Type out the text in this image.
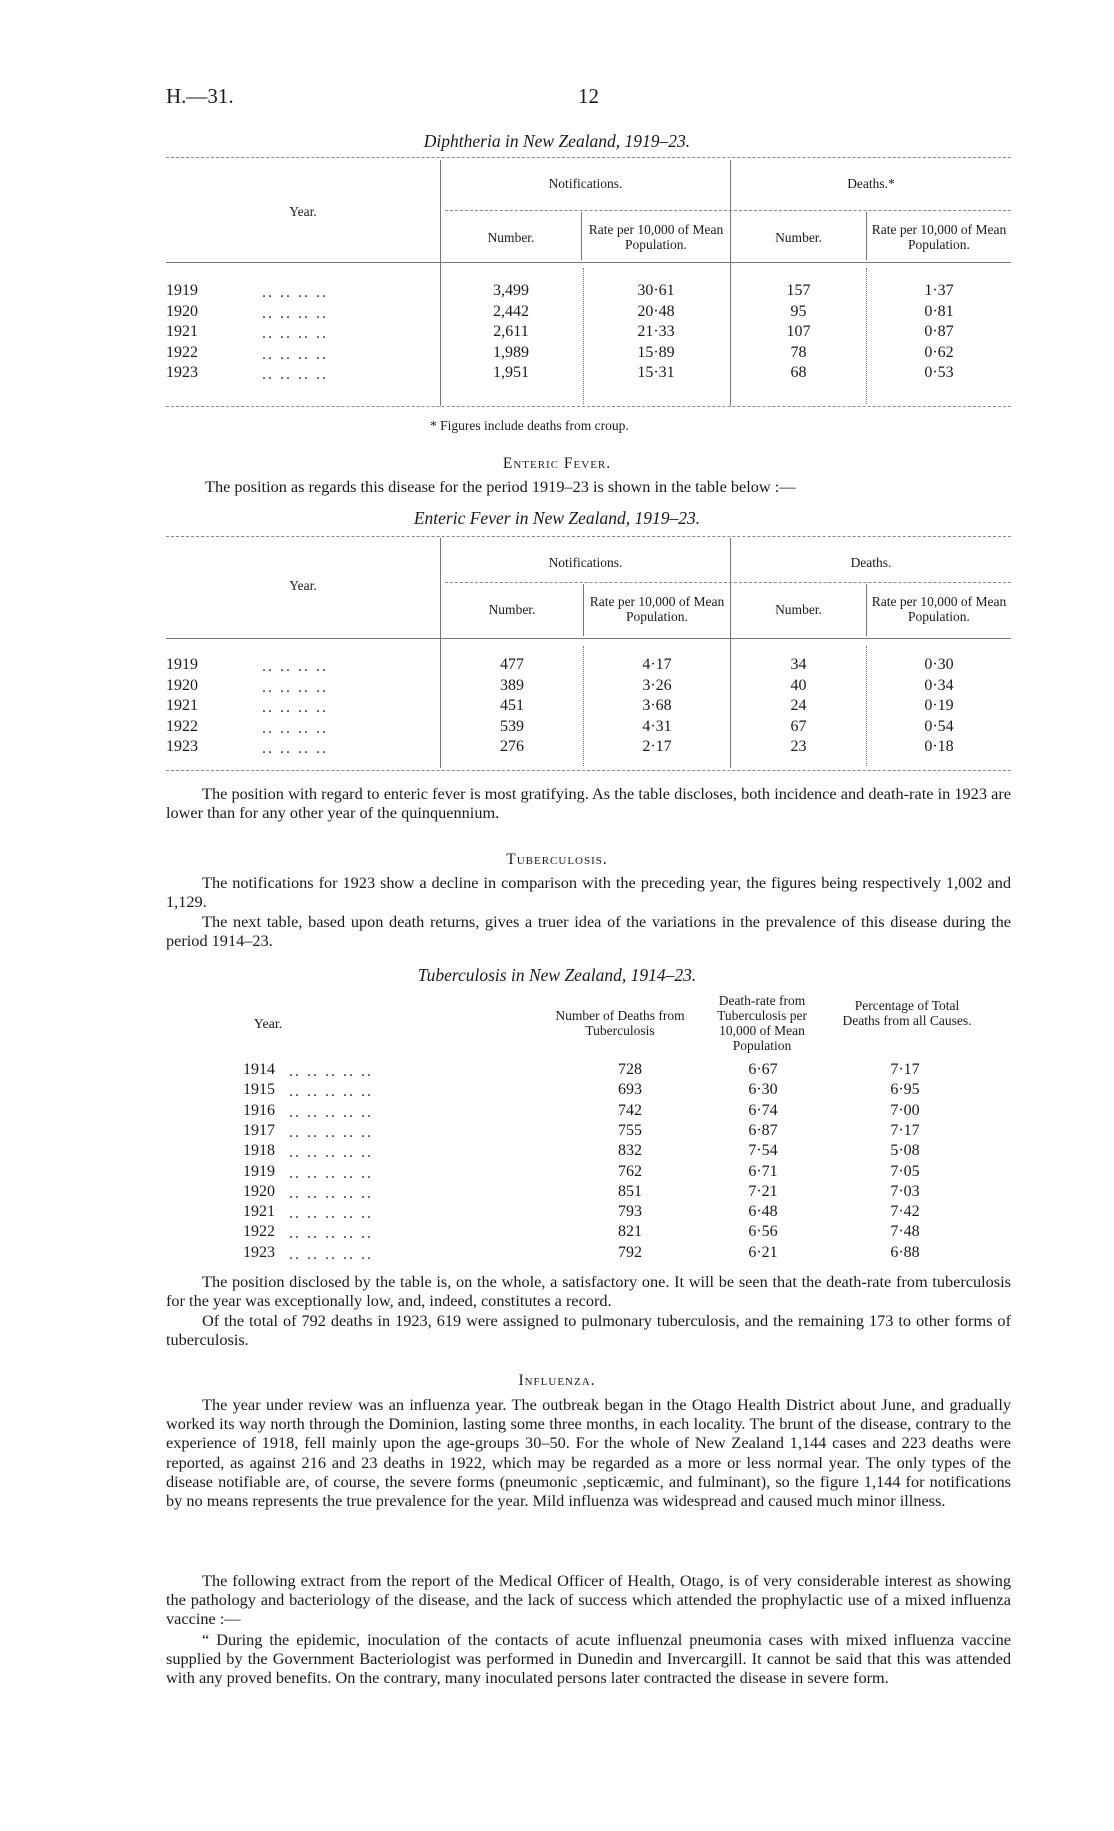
H.—31.	12
Diphtheria in New Zealand, 1919–23.
Year.
Notifications.	Deaths.*
Number.
Rate per 10,000 of Mean Population.	Number.
Rate per 10,000 of Mean Population.
1919	.. .. .. ..	3,499	30·61	157	1·37
1920	.. .. .. ..	2,442	20·48	95	0·81
1921	.. .. .. ..	2,611	21·33	107	0·87
1922	.. .. .. ..	1,989	15·89	78	0·62
1923	.. .. .. ..	1,951	15·31	68	0·53
* Figures include deaths from croup.
Enteric Fever.
The position as regards this disease for the period 1919–23 is shown in the table below :—
Enteric Fever in New Zealand, 1919–23.
Year.
Notifications.	Deaths.
Number.
Rate per 10,000 of Mean Population.	Number.
Rate per 10,000 of Mean Population.
1919	.. .. .. ..	477	4·17	34	0·30
1920	.. .. .. ..	389	3·26	40	0·34
1921	.. .. .. ..	451	3·68	24	0·19
1922	.. .. .. ..	539	4·31	67	0·54
1923	.. .. .. ..	276	2·17	23	0·18
The position with regard to enteric fever is most gratifying. As the table discloses, both incidence and death-rate in 1923 are lower than for any other year of the quinquennium.
Tuberculosis.
The notifications for 1923 show a decline in comparison with the preceding year, the figures being respectively 1,002 and 1,129.
The next table, based upon death returns, gives a truer idea of the variations in the prevalence of this disease during the period 1914–23.
Tuberculosis in New Zealand, 1914–23.
Year.
Number of Deaths from Tuberculosis
Death-rate from Tuberculosis per 10,000 of Mean Population
Percentage of Total Deaths from all Causes.
1914 .. .. .. .. ..	728	6·67	7·17
1915 .. .. .. .. ..	693	6·30	6·95
1916 .. .. .. .. ..	742	6·74	7·00
1917 .. .. .. .. ..	755	6·87	7·17
1918 .. .. .. .. ..	832	7·54	5·08
1919 .. .. .. .. ..	762	6·71	7·05
1920 .. .. .. .. ..	851	7·21	7·03
1921 .. .. .. .. ..	793	6·48	7·42
1922 .. .. .. .. ..	821	6·56	7·48
1923 .. .. .. .. ..	792	6·21	6·88
The position disclosed by the table is, on the whole, a satisfactory one. It will be seen that the death-rate from tuberculosis for the year was exceptionally low, and, indeed, constitutes a record.
Of the total of 792 deaths in 1923, 619 were assigned to pulmonary tuberculosis, and the remaining 173 to other forms of tuberculosis.
Influenza.
The year under review was an influenza year. The outbreak began in the Otago Health District about June, and gradually worked its way north through the Dominion, lasting some three months, in each locality. The brunt of the disease, contrary to the experience of 1918, fell mainly upon the age-groups 30–50. For the whole of New Zealand 1,144 cases and 223 deaths were reported, as against 216 and 23 deaths in 1922, which may be regarded as a more or less normal year. The only types of the disease notifiable are, of course, the severe forms (pneumonic ,septicæmic, and fulminant), so the figure 1,144 for notifications by no means represents the true prevalence for the year. Mild influenza was widespread and caused much minor illness.
The following extract from the report of the Medical Officer of Health, Otago, is of very considerable interest as showing the pathology and bacteriology of the disease, and the lack of success which attended the prophylactic use of a mixed influenza vaccine :—
“ During the epidemic, inoculation of the contacts of acute influenzal pneumonia cases with mixed influenza vaccine supplied by the Government Bacteriologist was performed in Dunedin and Invercargill. It cannot be said that this was attended with any proved benefits. On the contrary, many inoculated persons later contracted the disease in severe form.
